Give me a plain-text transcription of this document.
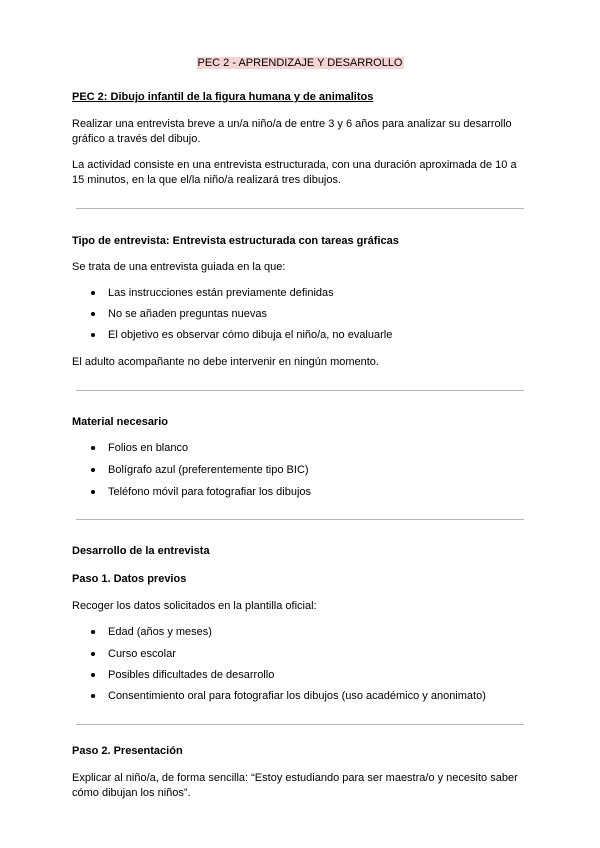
PEC 2 - APRENDIZAJE Y DESARROLLO
PEC 2: Dibujo infantil de la figura humana y de animalitos
Realizar una entrevista breve a un/a niño/a de entre 3 y 6 años para analizar su desarrollo
gráfico a través del dibujo.
La actividad consiste en una entrevista estructurada, con una duración aproximada de 10 a
15 minutos, en la que el/la niño/a realizará tres dibujos.
Tipo de entrevista: Entrevista estructurada con tareas gráficas
Se trata de una entrevista guiada en la que:
Las instrucciones están previamente definidas
No se añaden preguntas nuevas
El objetivo es observar cómo dibuja el niño/a, no evaluarle
El adulto acompañante no debe intervenir en ningún momento.
Material necesario
Folios en blanco
Bolígrafo azul (preferentemente tipo BIC)
Teléfono móvil para fotografiar los dibujos
Desarrollo de la entrevista
Paso 1. Datos previos
Recoger los datos solicitados en la plantilla oficial:
Edad (años y meses)
Curso escolar
Posibles dificultades de desarrollo
Consentimiento oral para fotografiar los dibujos (uso académico y anonimato)
Paso 2. Presentación
Explicar al niño/a, de forma sencilla: “Estoy estudiando para ser maestra/o y necesito saber
cómo dibujan los niños”.
